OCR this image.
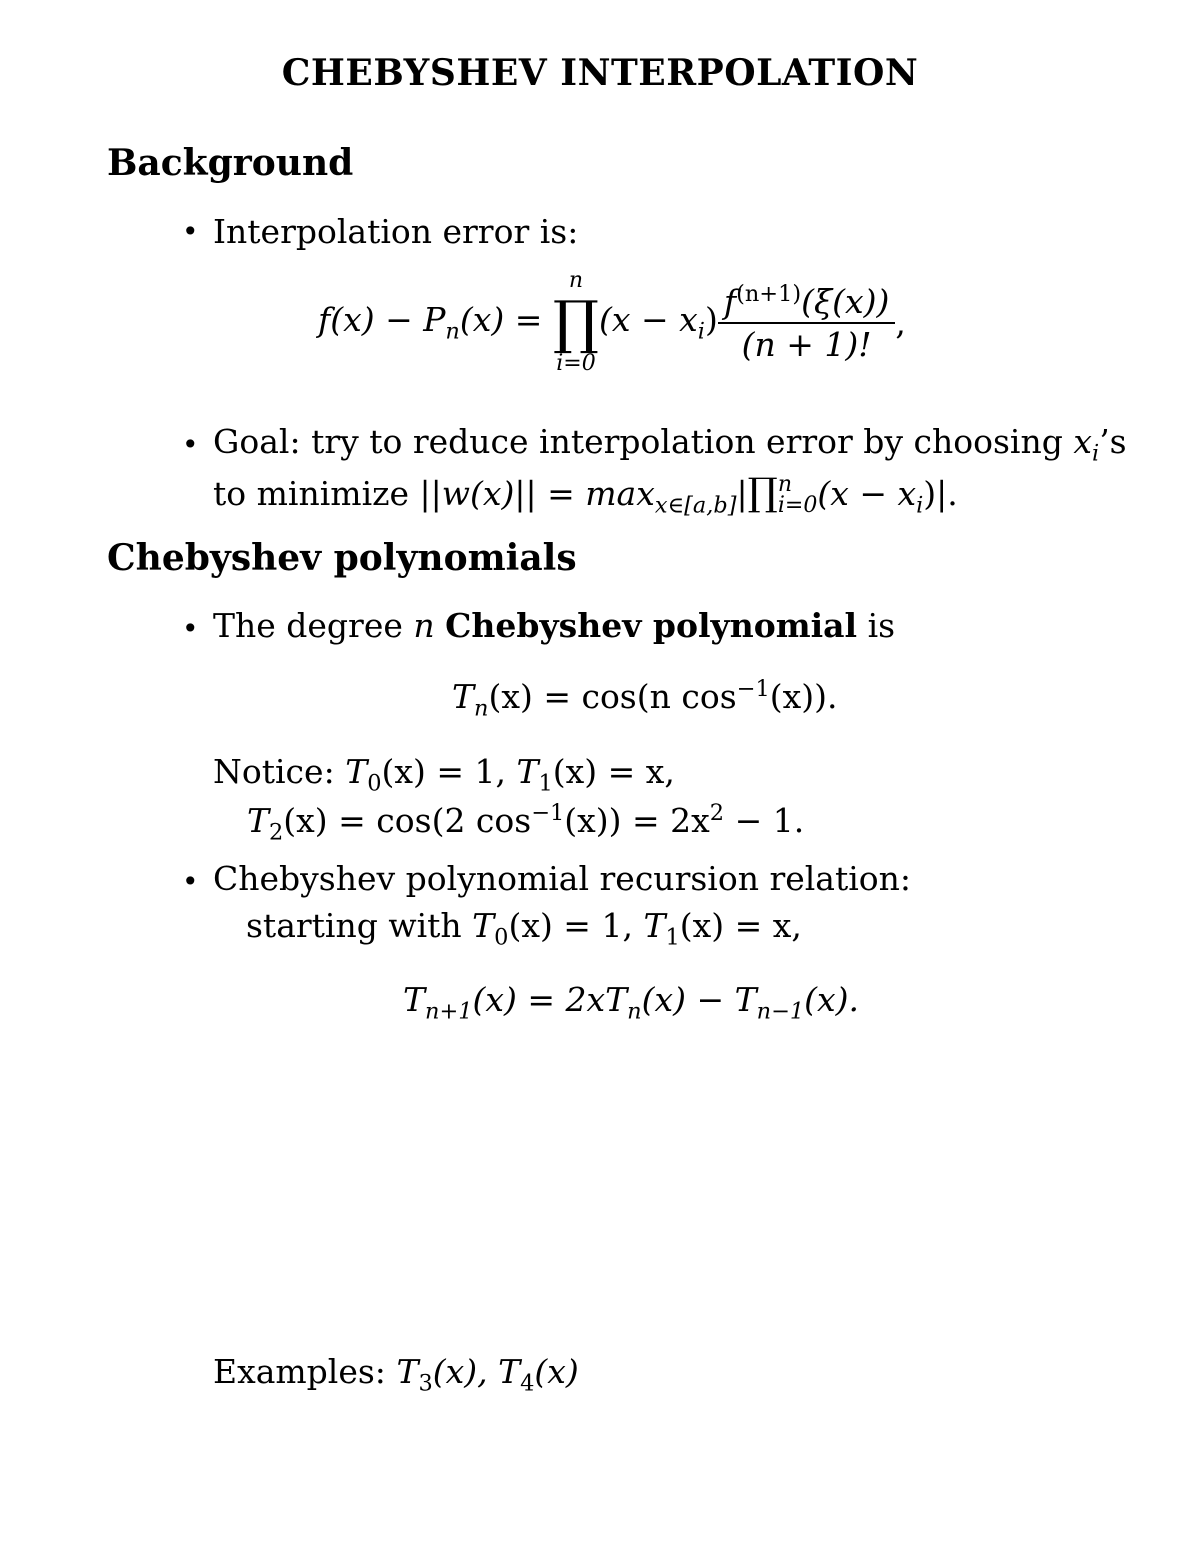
CHEBYSHEV INTERPOLATION
Background
• Interpolation error is:
$f(x) - P_n(x)$ =
n
∏
i=0
$(x - x_i) \frac{f^{(n+1)}(\xi(x))}{(n + 1)!}$ ,
• Goal: try to reduce interpolation error by choosing $x_i’s$
to minimize $||w(x)|| = \max_{x\in[a,b]}|\prod$ n
i=0 $(x - x_i)|$.
Chebyshev polynomials
• The degree n Chebyshev polynomial is
$T_n(x) = \cos(n$ $\cos^{-1}(x)$).
Notice: $T_0(x) = 1$, $T_1(x) = x$,
$T_2(x) = \cos(2$ $\cos^{-1}(x)) = 2x^2 - 1$.
• Chebyshev polynomial recursion relation:
starting with $T_0(x) = 1$, $T_1(x) = x$,
$T_{n+1}(x) = 2xT_n(x) - T_{n-1}(x)$.
Examples: $T_3(x)$, $T_4(x)$
